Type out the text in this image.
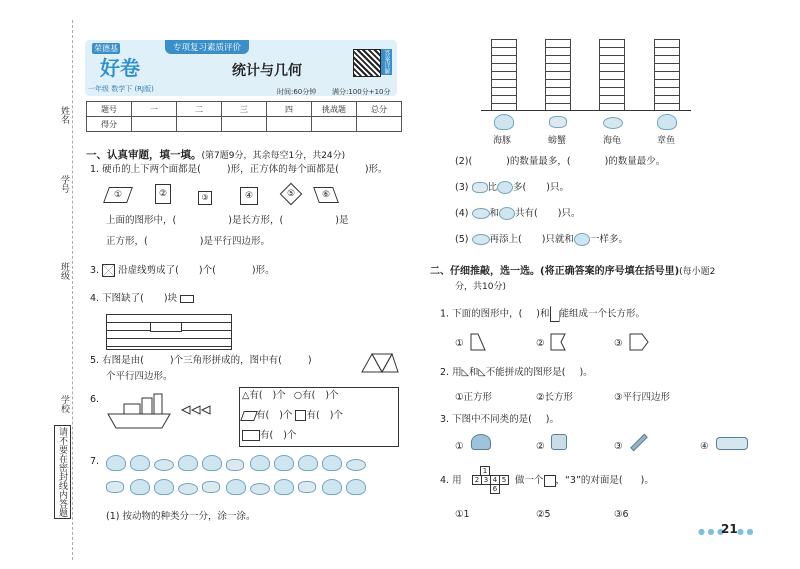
姓名
学号
班级
学校
请不要在密封线内答题
荣德基
好卷
一年级 数学下 (RJ版)
专项复习素质评价
统计与几何
时间:60分钟 满分:100分+10分
答案详解
题号	一	二	三	四	挑战题	总分
得分						
一、认真审题，填一填。(第7题9分，其余每空1分，共24分)
1. 硬币的上下两个面都是(	)形，正方体的每个面都是(	)形。
①	②	③	④	⑤	⑥
上面的图形中，(	)是长方形，(	)是
正方形，(	)是平行四边形。
3. 沿虚线剪成了( )个(	)形。
4. 下图缺了( )块
5. 右图是由(	)个三角形拼成的，图中有(	)
个平行四边形。
6.	△有( )个 ○有( )个
有( )个 有( )个
有( )个
7.
(1) 按动物的种类分一分，涂一涂。
海豚	螃蟹	海龟	章鱼
(2)(	)的数量最多，(	)的数量最少。
(3) 比 多( )只。
(4) 和 共有( )只。
(5) 再添上( )只就和 一样多。
二、仔细推敲，选一选。(将正确答案的序号填在括号里)(每小题2
分，共10分)
1. 下面的图形中，( )和 能组成一个长方形。
①	②	③
2. 用◺和◺不能拼成的图形是( )。
①正方形	②长方形	③平行四边形
3. 下图中不同类的是( )。
①	②	③	④
4. 用
1
2 3 4 5
6
做一个 ，“3”的对面是( )。
①1	②5	③6
● ● ●
21 ● ●
